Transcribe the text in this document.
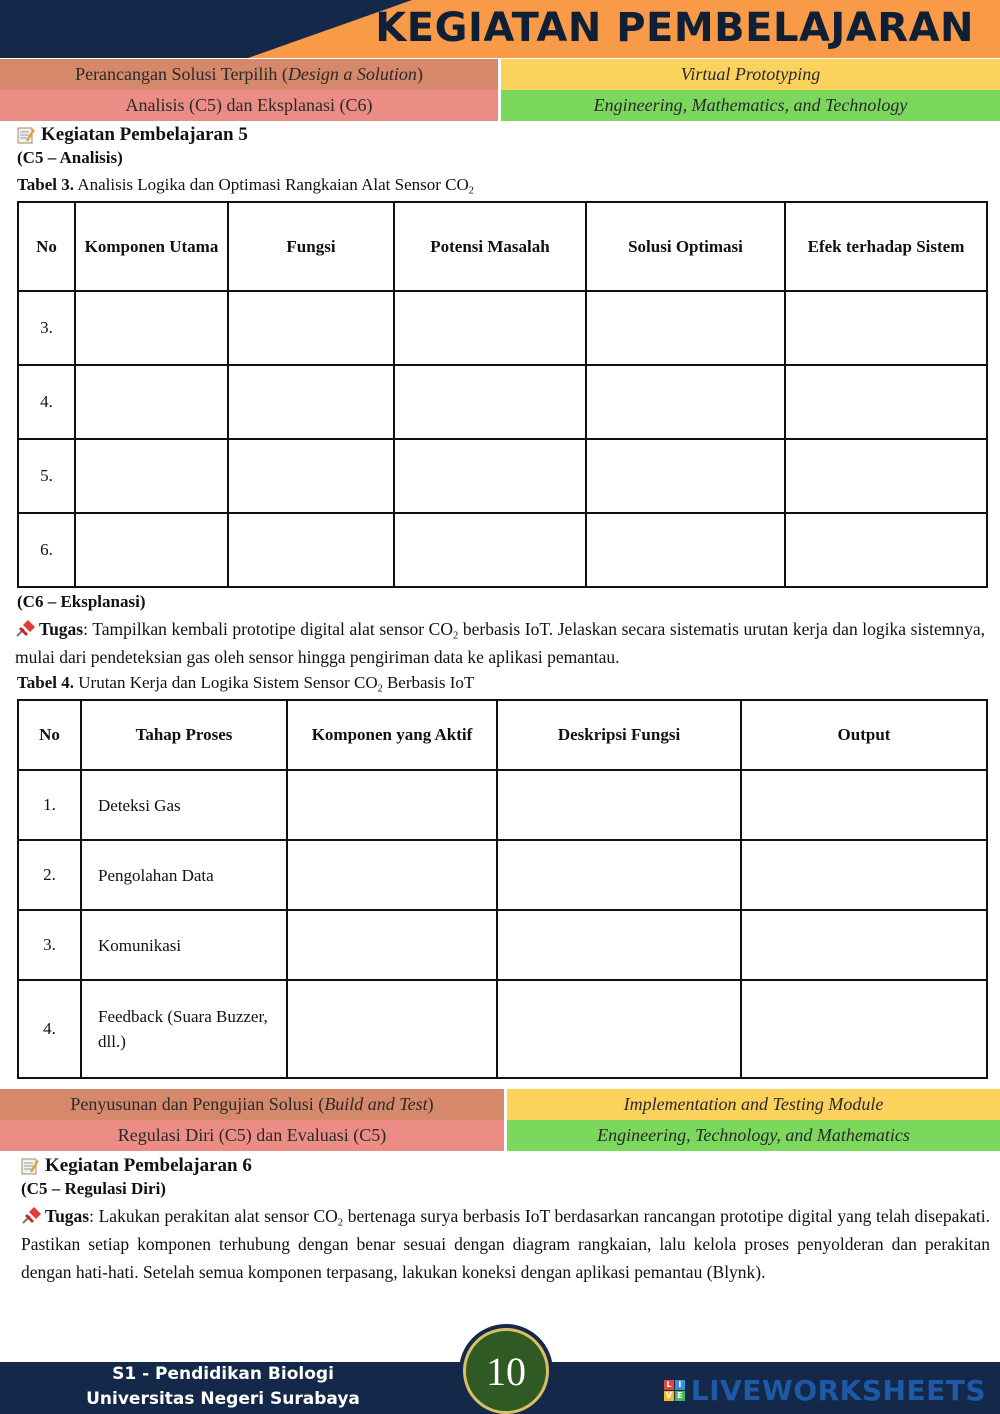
KEGIATAN PEMBELAJARAN
Perancangan Solusi Terpilih ( Design a Solution )	Virtual Prototyping
Analisis (C5) dan Eksplanasi (C6)	Engineering, Mathematics, and Technology
Kegiatan Pembelajaran 5
(C5 – Analisis)
Tabel 3. Analisis Logika dan Optimasi Rangkaian Alat Sensor $CO_2$
No	Komponen Utama	Fungsi	Potensi Masalah	Solusi Optimasi	Efek terhadap Sistem
3.					
4.					
5.					
6.					
(C6 – Eksplanasi)
Tugas: Tampilkan kembali prototipe digital alat sensor $CO_2$ berbasis IoT. Jelaskan secara sistematis urutan kerja dan logika sistemnya, mulai dari pendeteksian gas oleh sensor hingga pengiriman data ke aplikasi pemantau.
Tabel 4. Urutan Kerja dan Logika Sistem Sensor $CO_2$ Berbasis IoT
No	Tahap Proses	Komponen yang Aktif	Deskripsi Fungsi	Output
1.	Deteksi Gas			
2.	Pengolahan Data			
3.	Komunikasi			
4.	Feedback (Suara Buzzer, dll.)			
Penyusunan dan Pengujian Solusi ( Build and Test )	Implementation and Testing Module
Regulasi Diri (C5) dan Evaluasi (C5)	Engineering, Technology, and Mathematics
Kegiatan Pembelajaran 6
(C5 – Regulasi Diri)
Tugas: Lakukan perakitan alat sensor $CO_2$ bertenaga surya berbasis IoT berdasarkan rancangan prototipe digital yang telah disepakati. Pastikan setiap komponen terhubung dengan benar sesuai dengan diagram rangkaian, lalu kelola proses penyolderan dan perakitan dengan hati-hati. Setelah semua komponen terpasang, lakukan koneksi dengan aplikasi pemantau (Blynk).
S1 - Pendidikan Biologi
Universitas Negeri Surabaya
10	L I
V E LIVEWORKSHEETS
